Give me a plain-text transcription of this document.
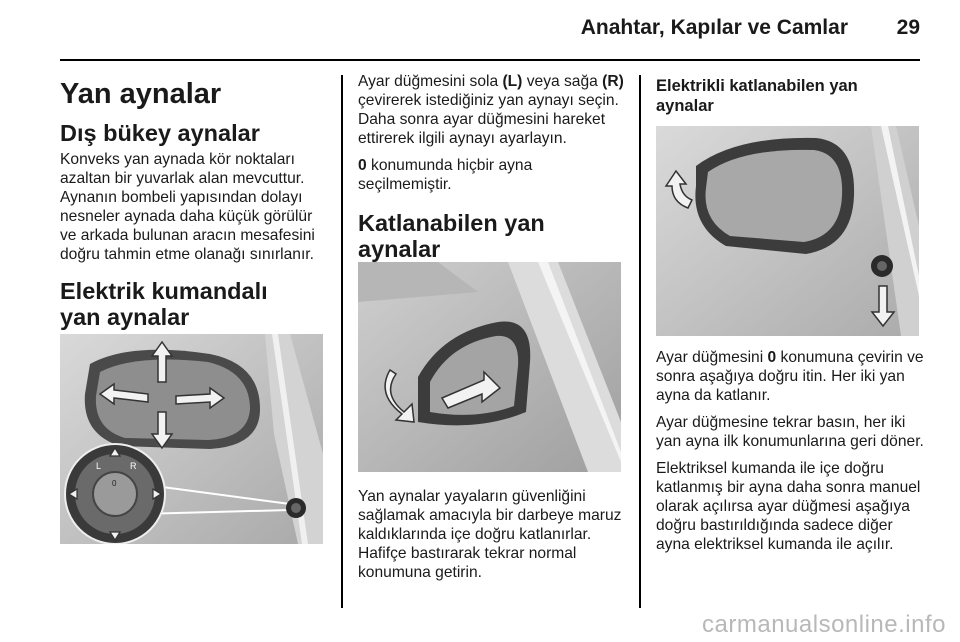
Anahtar, Kapılar ve Camlar 29
Yan aynalar
Dış bükey aynalar

Konveks yan aynada kör noktaları azaltan bir yuvarlak alan mevcuttur. Aynanın bombeli yapısından dolayı nesneler aynada daha küçük görülür ve arkada bulunan aracın mesafesini doğru tahmin etme olanağı sınırlanır.

Elektrik kumandalı yan aynalar
L	R
0

Ayar düğmesini sola (L) veya sağa (R) çevirerek istediğiniz yan aynayı seçin. Daha sonra ayar düğmesini hareket ettirerek ilgili aynayı ayarlayın.

0 konumunda hiçbir ayna seçilmemiştir.

Katlanabilen yan aynalar

Yan aynalar yayaların güvenliğini sağlamak amacıyla bir darbeye maruz kaldıklarında içe doğru katlanırlar. Hafifçe bastırarak tekrar normal konumuna getirin.

Elektrikli katlanabilen yan aynalar

Ayar düğmesini 0 konumuna çevirin ve sonra aşağıya doğru itin. Her iki yan ayna da katlanır.

Ayar düğmesine tekrar basın, her iki yan ayna ilk konumunlarına geri döner.

Elektriksel kumanda ile içe doğru katlanmış bir ayna daha sonra manuel olarak açılırsa ayar düğmesi aşağıya doğru bastırıldığında sadece diğer ayna elektriksel kumanda ile açılır.

carmanualsonline.info
